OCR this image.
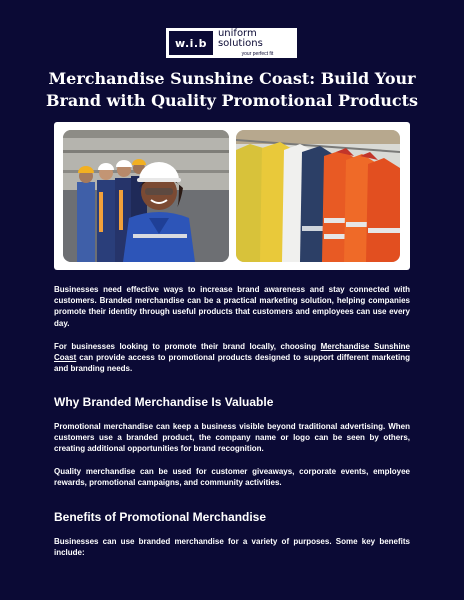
w.i.b
uniform solutions
your perfect fit
Merchandise Sunshine Coast: Build Your Brand with Quality Promotional Products

Businesses need effective ways to increase brand awareness and stay connected with customers. Branded merchandise can be a practical marketing solution, helping companies promote their identity through useful products that customers and employees can use every day.

For businesses looking to promote their brand locally, choosing Merchandise Sunshine Coast can provide access to promotional products designed to support different marketing and branding needs.

Why Branded Merchandise Is Valuable

Promotional merchandise can keep a business visible beyond traditional advertising. When customers use a branded product, the company name or logo can be seen by others, creating additional opportunities for brand recognition.

Quality merchandise can be used for customer giveaways, corporate events, employee rewards, promotional campaigns, and community activities.

Benefits of Promotional Merchandise

Businesses can use branded merchandise for a variety of purposes. Some key benefits include:
